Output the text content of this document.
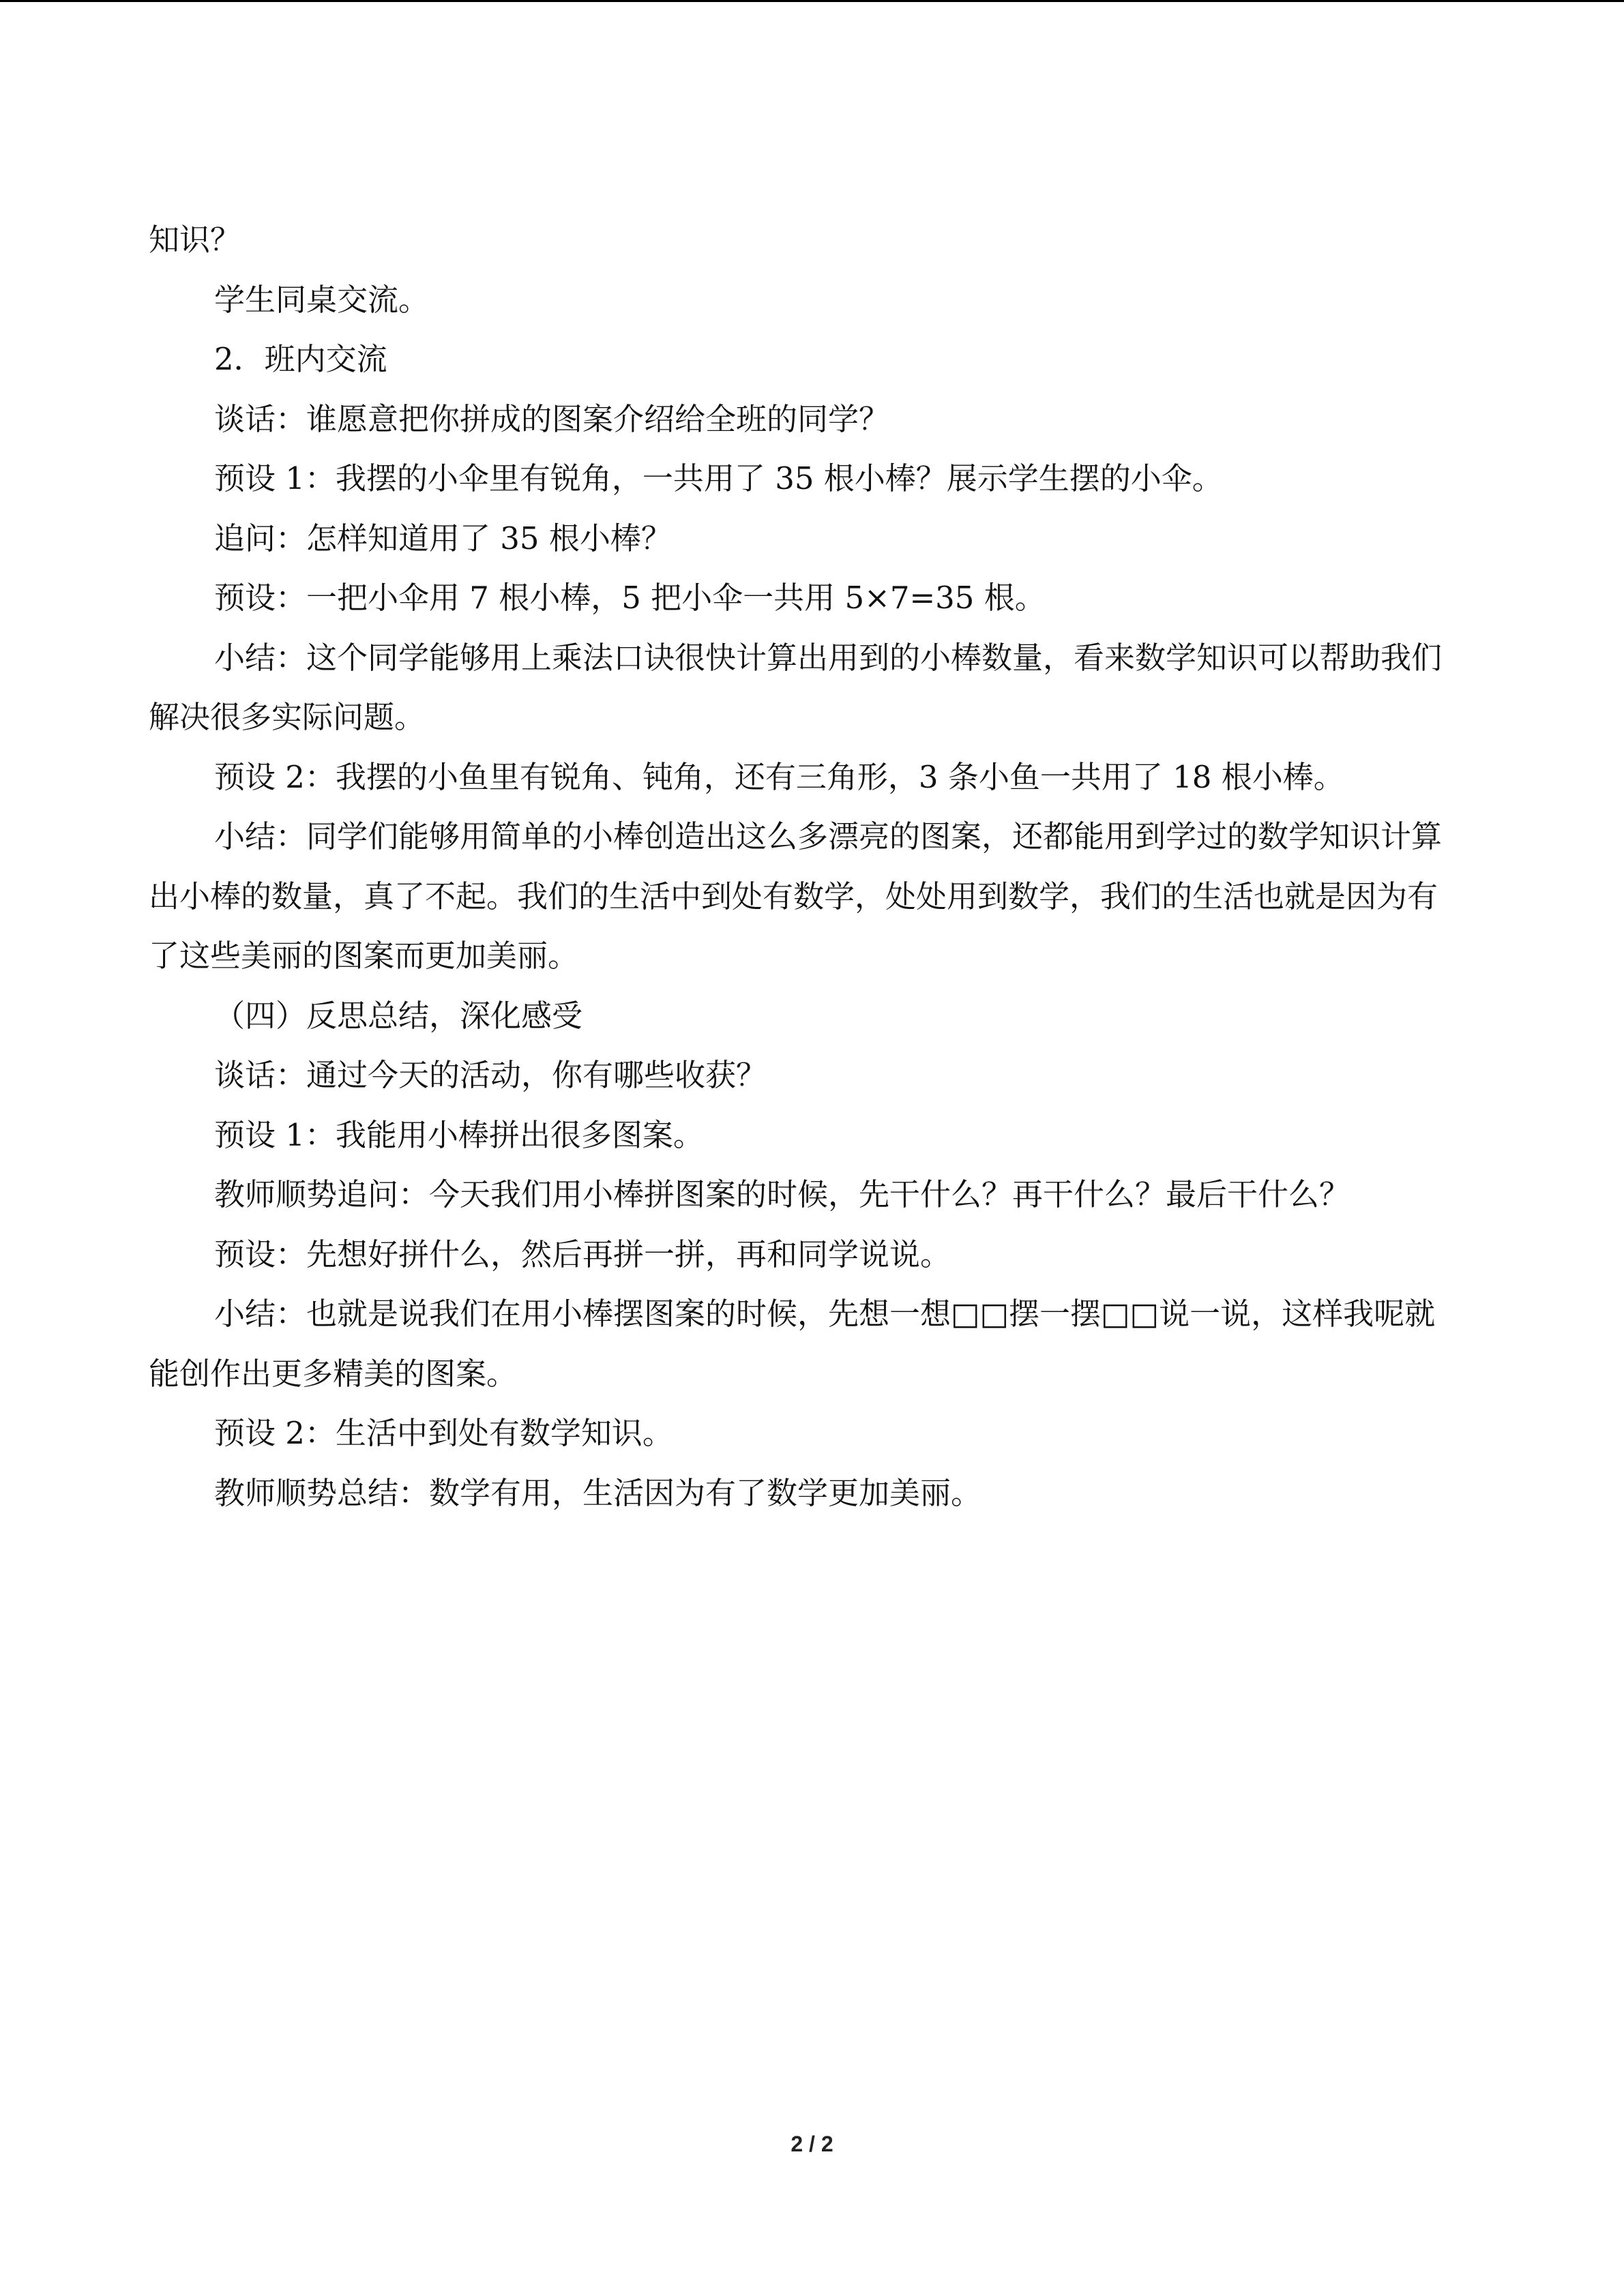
知识？

学生同桌交流。

2．班内交流

谈话：谁愿意把你拼成的图案介绍给全班的同学？

预设 1：我摆的小伞里有锐角，一共用了 35 根小棒？展示学生摆的小伞。

追问：怎样知道用了 35 根小棒？

预设：一把小伞用 7 根小棒，5 把小伞一共用 5×7=35 根。

小结：这个同学能够用上乘法口诀很快计算出用到的小棒数量，看来数学知识可以帮助我们解决很多实际问题。

预设 2：我摆的小鱼里有锐角、钝角，还有三角形，3 条小鱼一共用了 18 根小棒。

小结：同学们能够用简单的小棒创造出这么多漂亮的图案，还都能用到学过的数学知识计算出小棒的数量，真了不起。我们的生活中到处有数学，处处用到数学，我们的生活也就是因为有了这些美丽的图案而更加美丽。

（四）反思总结，深化感受

谈话：通过今天的活动，你有哪些收获？

预设 1：我能用小棒拼出很多图案。

教师顺势追问：今天我们用小棒拼图案的时候，先干什么？再干什么？最后干什么？

预设：先想好拼什么，然后再拼一拼，再和同学说说。

小结：也就是说我们在用小棒摆图案的时候，先想一想□□摆一摆□□说一说，这样我呢就能创作出更多精美的图案。

预设 2：生活中到处有数学知识。

教师顺势总结：数学有用，生活因为有了数学更加美丽。

2 / 2
